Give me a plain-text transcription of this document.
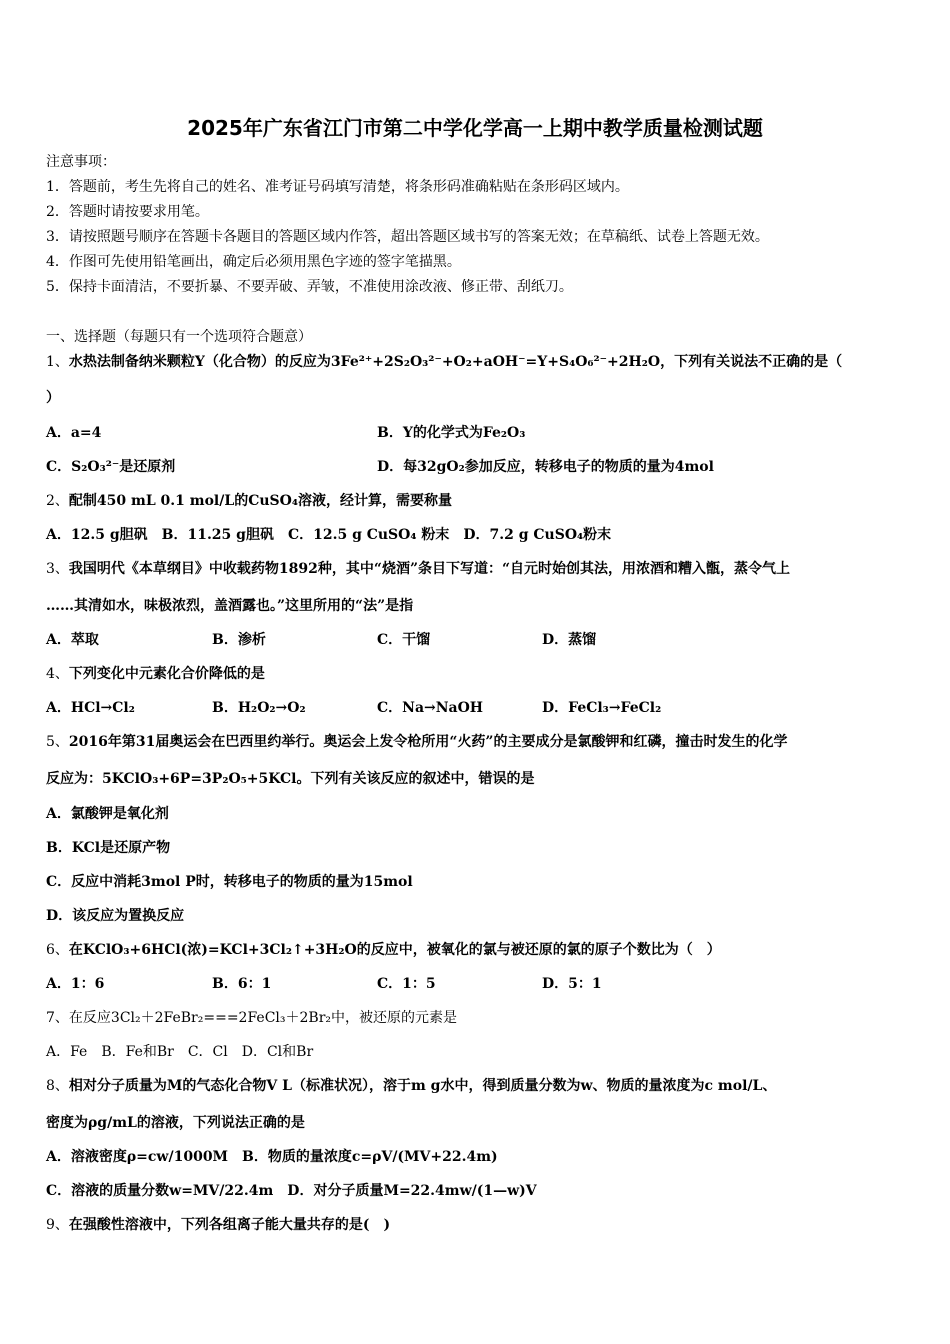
2025年广东省江门市第二中学化学高一上期中教学质量检测试题
注意事项：
1．答题前，考生先将自己的姓名、准考证号码填写清楚，将条形码准确粘贴在条形码区域内。
2．答题时请按要求用笔。
3．请按照题号顺序在答题卡各题目的答题区域内作答，超出答题区域书写的答案无效；在草稿纸、试卷上答题无效。
4．作图可先使用铅笔画出，确定后必须用黑色字迹的签字笔描黑。
5．保持卡面清洁，不要折暴、不要弄破、弄皱，不准使用涂改液、修正带、刮纸刀。
一、选择题（每题只有一个选项符合题意）
1、水热法制备纳米颗粒Y（化合物）的反应为3Fe²⁺+2S₂O₃²⁻+O₂+aOH⁻=Y+S₄O₆²⁻+2H₂O，下列有关说法不正确的是（
）
A．a=4	B．Y的化学式为Fe₂O₃
C．S₂O₃²⁻是还原剂	D．每32gO₂参加反应，转移电子的物质的量为4mol
2、配制450 mL 0.1 mol/L的CuSO₄溶液，经计算，需要称量
A．12.5 g胆矾　B．11.25 g胆矾　C．12.5 g CuSO₄ 粉末　D．7.2 g CuSO₄粉末
3、我国明代《本草纲目》中收载药物1892种，其中“烧酒”条目下写道：“自元时始创其法，用浓酒和糟入甑，蒸令气上
……其清如水，味极浓烈，盖酒露也。”这里所用的“法”是指
A．萃取	B．渗析	C．干馏	D．蒸馏
4、下列变化中元素化合价降低的是
A．HCl→Cl₂	B．H₂O₂→O₂	C．Na→NaOH	D．FeCl₃→FeCl₂
5、2016年第31届奥运会在巴西里约举行。奥运会上发令枪所用“火药”的主要成分是氯酸钾和红磷，撞击时发生的化学
反应为：5KClO₃+6P=3P₂O₅+5KCl。下列有关该反应的叙述中，错误的是
A．氯酸钾是氧化剂
B．KCl是还原产物
C．反应中消耗3mol P时，转移电子的物质的量为15mol
D．该反应为置换反应
6、在KClO₃+6HCl(浓)=KCl+3Cl₂↑+3H₂O的反应中，被氧化的氯与被还原的氯的原子个数比为（　）
A．1：6	B．6：1	C．1：5	D．5：1
7、在反应3Cl₂＋2FeBr₂===2FeCl₃＋2Br₂中，被还原的元素是
A．Fe　B．Fe和Br　C．Cl　D．Cl和Br
8、相对分子质量为M的气态化合物V L（标准状况），溶于m g水中，得到质量分数为w、物质的量浓度为c mol/L、
密度为ρg/mL的溶液，下列说法正确的是
A．溶液密度ρ=cw/1000M　B．物质的量浓度c=ρV/(MV+22.4m)
C．溶液的质量分数w=MV/22.4m　D．对分子质量M=22.4mw/(1—w)V
9、在强酸性溶液中，下列各组离子能大量共存的是(　)
